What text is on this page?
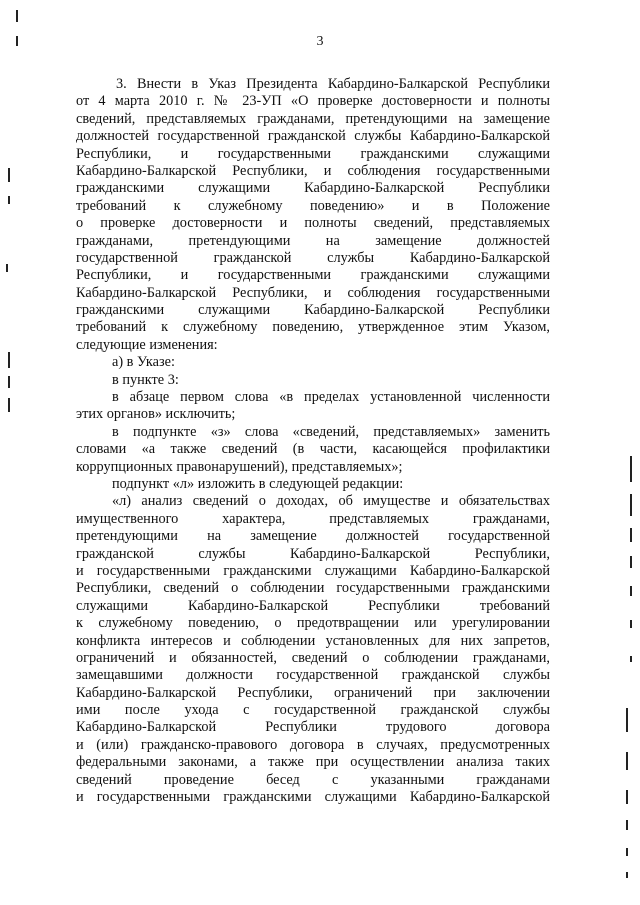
3
3. Внести в Указ Президента Кабардино-Балкарской Республики
от 4 марта 2010 г. № 23-УП «О проверке достоверности и полноты
сведений, представляемых гражданами, претендующими на замещение
должностей государственной гражданской службы Кабардино-Балкарской
Республики, и государственными гражданскими служащими
Кабардино-Балкарской Республики, и соблюдения государственными
гражданскими служащими Кабардино-Балкарской Республики
требований к служебному поведению» и в Положение
о проверке достоверности и полноты сведений, представляемых
гражданами, претендующими на замещение должностей
государственной гражданской службы Кабардино-Балкарской
Республики, и государственными гражданскими служащими
Кабардино-Балкарской Республики, и соблюдения государственными
гражданскими служащими Кабардино-Балкарской Республики
требований к служебному поведению, утвержденное этим Указом,
следующие изменения:
а) в Указе:
в пункте 3:
в абзаце первом слова «в пределах установленной численности
этих органов» исключить;
в подпункте «з» слова «сведений, представляемых» заменить
словами «а также сведений (в части, касающейся профилактики
коррупционных правонарушений), представляемых»;
подпункт «л» изложить в следующей редакции:
«л) анализ сведений о доходах, об имуществе и обязательствах
имущественного характера, представляемых гражданами,
претендующими на замещение должностей государственной
гражданской службы Кабардино-Балкарской Республики,
и государственными гражданскими служащими Кабардино-Балкарской
Республики, сведений о соблюдении государственными гражданскими
служащими Кабардино-Балкарской Республики требований
к служебному поведению, о предотвращении или урегулировании
конфликта интересов и соблюдении установленных для них запретов,
ограничений и обязанностей, сведений о соблюдении гражданами,
замещавшими должности государственной гражданской службы
Кабардино-Балкарской Республики, ограничений при заключении
ими после ухода с государственной гражданской службы
Кабардино-Балкарской Республики трудового договора
и (или) гражданско-правового договора в случаях, предусмотренных
федеральными законами, а также при осуществлении анализа таких
сведений проведение бесед с указанными гражданами
и государственными гражданскими служащими Кабардино-Балкарской
